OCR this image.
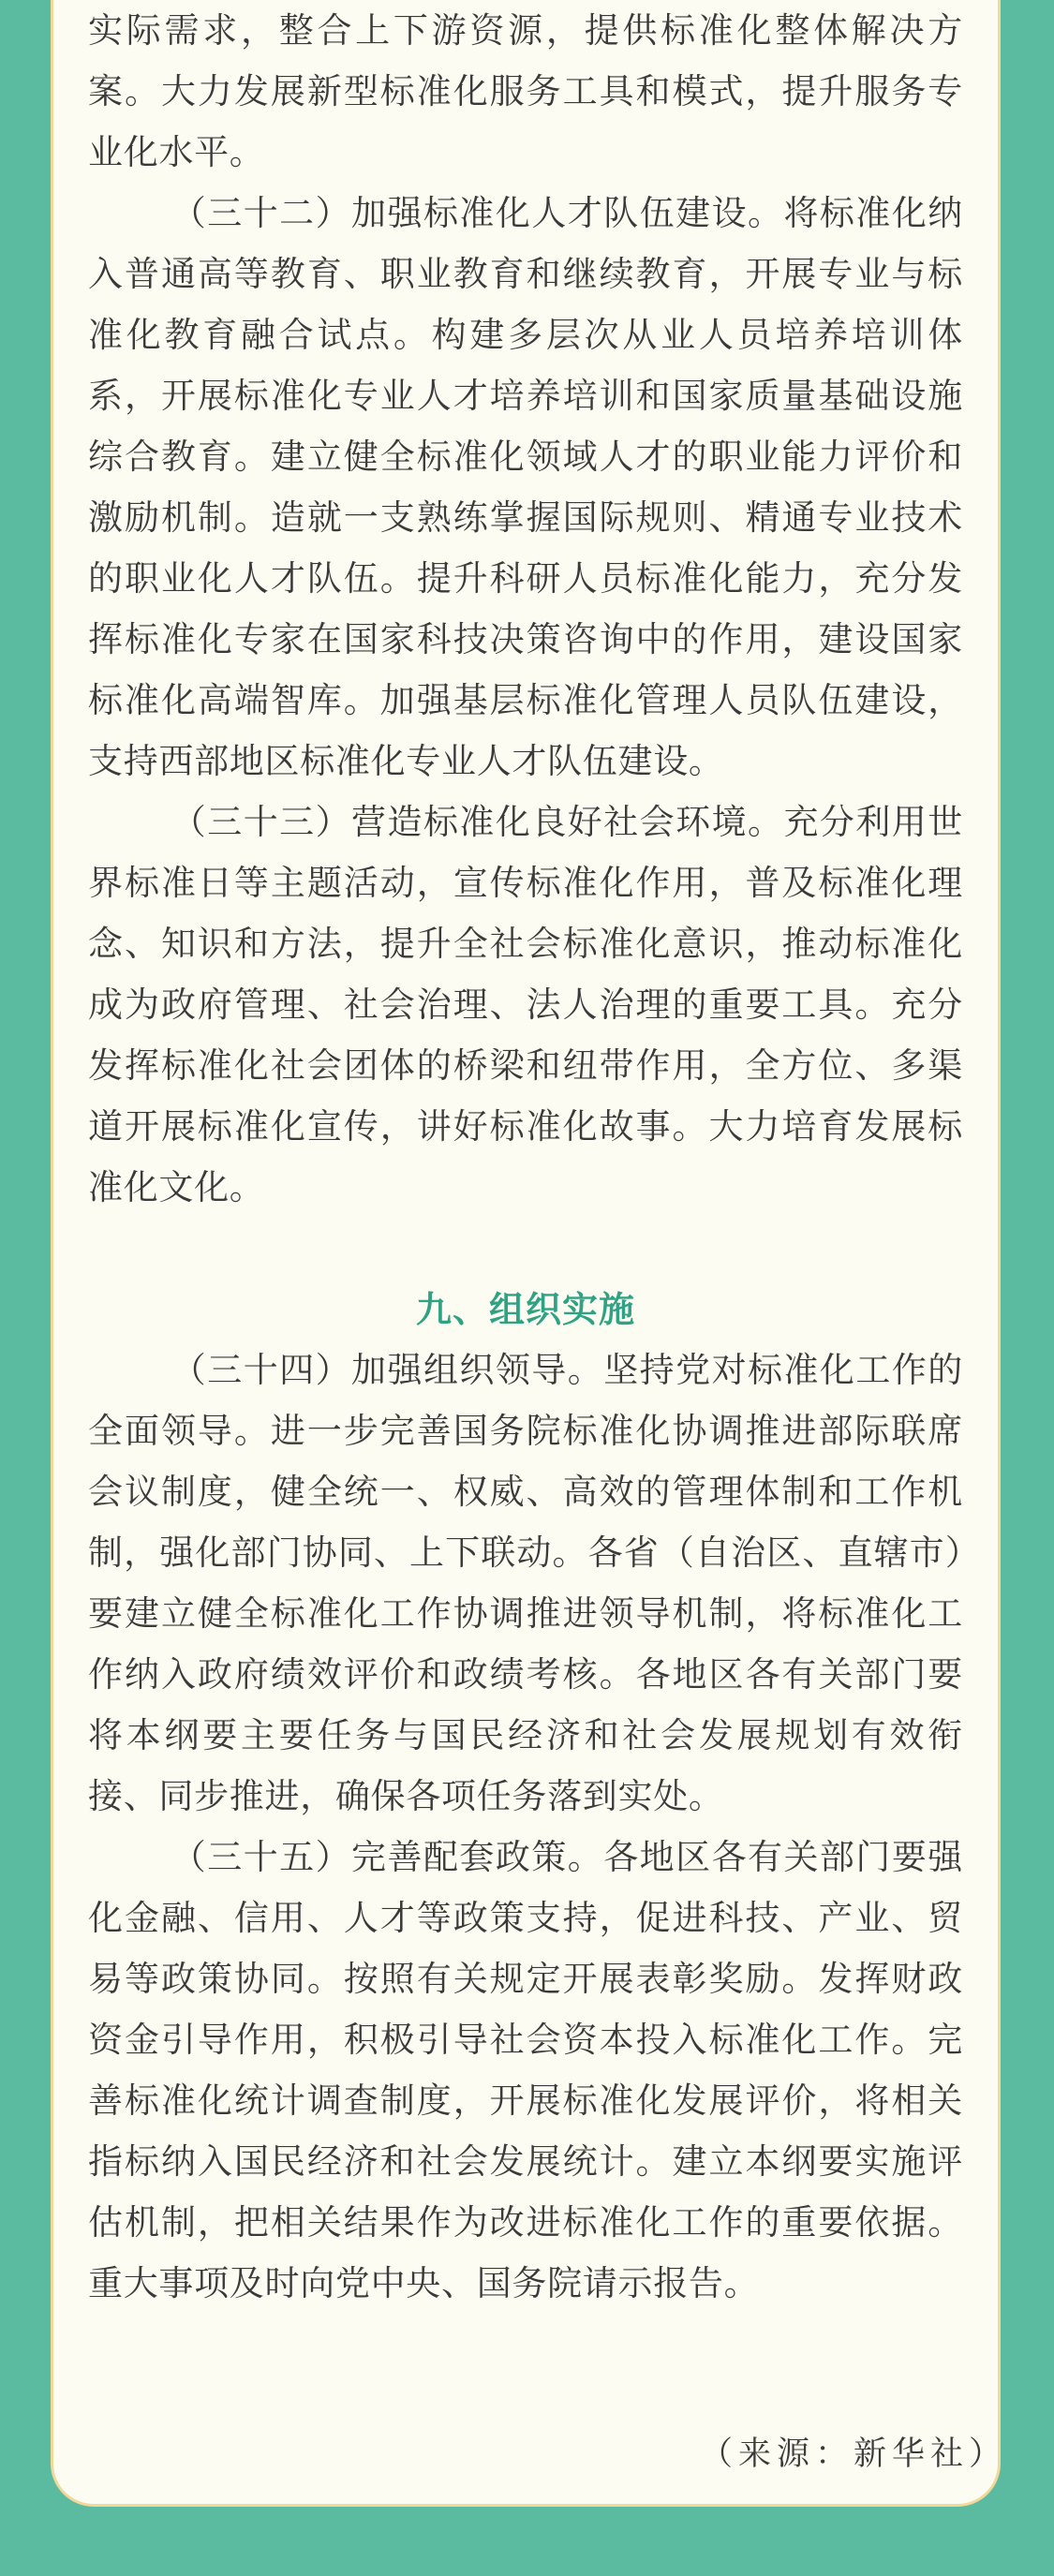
实际需求，整合上下游资源，提供标准化整体解决方案。大力发展新型标准化服务工具和模式，提升服务专业化水平。

（三十二）加强标准化人才队伍建设。将标准化纳入普通高等教育、职业教育和继续教育，开展专业与标准化教育融合试点。构建多层次从业人员培养培训体系，开展标准化专业人才培养培训和国家质量基础设施综合教育。建立健全标准化领域人才的职业能力评价和激励机制。造就一支熟练掌握国际规则、精通专业技术的职业化人才队伍。提升科研人员标准化能力，充分发挥标准化专家在国家科技决策咨询中的作用，建设国家标准化高端智库。加强基层标准化管理人员队伍建设，支持西部地区标准化专业人才队伍建设。

（三十三）营造标准化良好社会环境。充分利用世界标准日等主题活动，宣传标准化作用，普及标准化理念、知识和方法，提升全社会标准化意识，推动标准化成为政府管理、社会治理、法人治理的重要工具。充分发挥标准化社会团体的桥梁和纽带作用，全方位、多渠道开展标准化宣传，讲好标准化故事。大力培育发展标准化文化。

九、组织实施

（三十四）加强组织领导。坚持党对标准化工作的全面领导。进一步完善国务院标准化协调推进部际联席会议制度，健全统一、权威、高效的管理体制和工作机制，强化部门协同、上下联动。各省（自治区、直辖市）要建立健全标准化工作协调推进领导机制，将标准化工作纳入政府绩效评价和政绩考核。各地区各有关部门要将本纲要主要任务与国民经济和社会发展规划有效衔接、同步推进，确保各项任务落到实处。

（三十五）完善配套政策。各地区各有关部门要强化金融、信用、人才等政策支持，促进科技、产业、贸易等政策协同。按照有关规定开展表彰奖励。发挥财政资金引导作用，积极引导社会资本投入标准化工作。完善标准化统计调查制度，开展标准化发展评价，将相关指标纳入国民经济和社会发展统计。建立本纲要实施评估机制，把相关结果作为改进标准化工作的重要依据。重大事项及时向党中央、国务院请示报告。

（来源：新华社）
